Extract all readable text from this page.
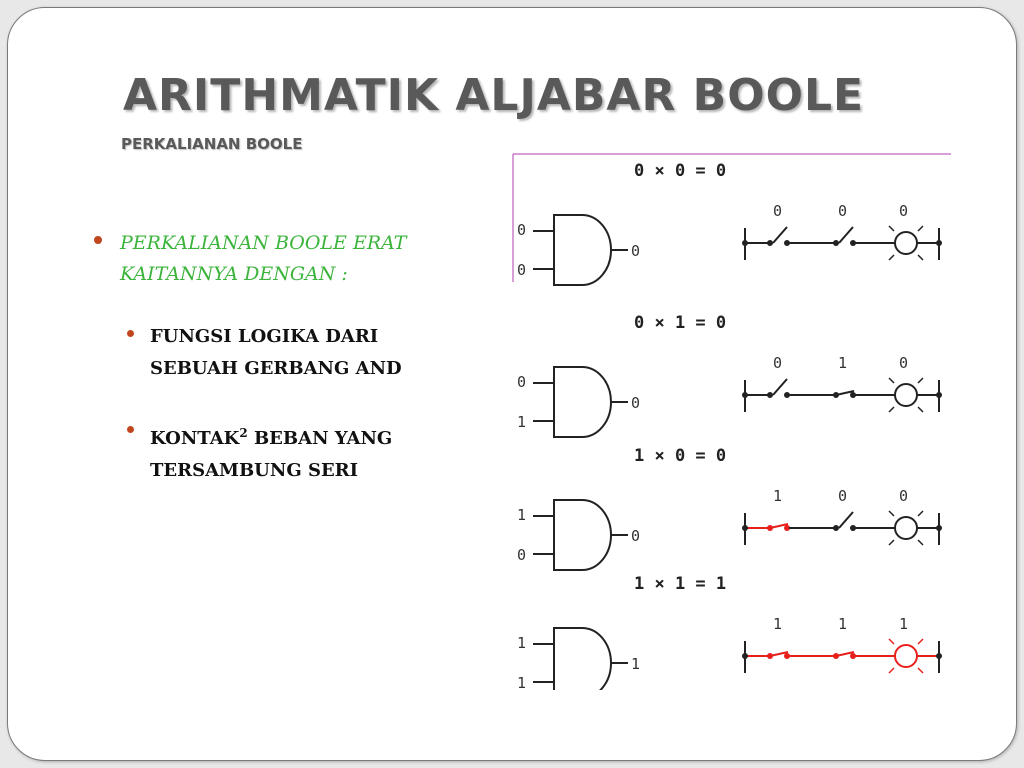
ARITHMATIK ALJABAR BOOLE
PERKALIANAN BOOLE
PERKALIANAN BOOLE ERAT
KAITANNYA DENGAN :
FUNGSI LOGIKA DARI
SEBUAH GERBANG AND
KONTAK$^2$ BEBAN YANG
TERSAMBUNG SERI
0 × 0 = 0
0
0
0
0	0	0
0 × 1 = 0
0
1
0
0	1	0
1 × 0 = 0
1
0
0
1	0	0
1 × 1 = 1
1
1
1
1	1	1
